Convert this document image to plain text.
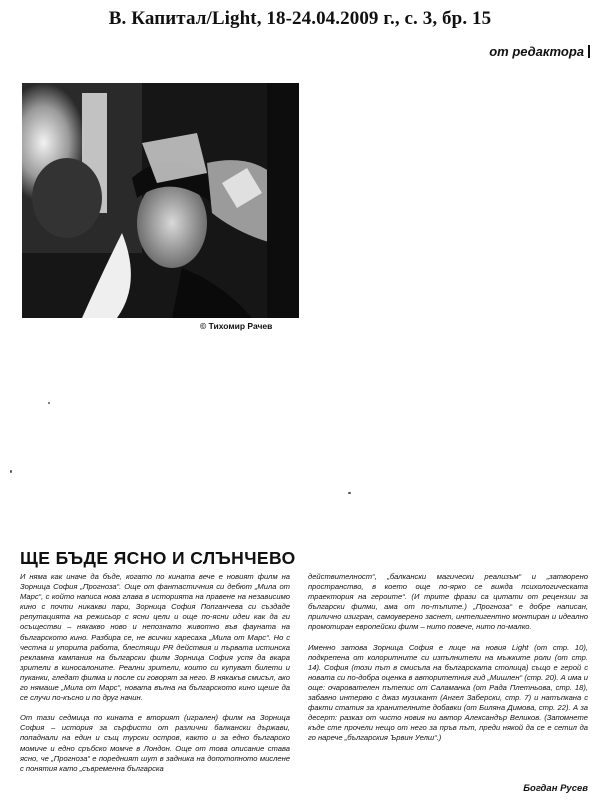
В. Капитал/Light, 18-24.04.2009 г., с. 3, бр. 15
от редактора
© Тихомир Рачев
ЩЕ БЪДЕ ЯСНО И СЛЪНЧЕВО

И няма как иначе да бъде, когато по кината вече е новият филм на Зорница София „Прогноза“. Още от фантастичния си дебют „Мила от Марс“, с който написа нова глава в историята на правене на независимо кино с почти никакви пари, Зорница София Попганчева си създаде репутацията на режисьор с ясни цели и още по-ясни идеи как да ги осъществи – някакво ново и непознато животно във фауната на българското кино. Разбира се, не всички харесаха „Мила от Марс“. Но с честна и упорита работа, блестящи PR действия и първата истинска рекламна кампания на български филм Зорница София успя да вкара зрители в киносалоните. Реални зрители, които си купуват билети и пуканки, гледат филма и после си говорят за него. В някакъв смисъл, ако го нямаше „Мила от Марс“, новата вълна на българското кино щеше да се случи по-късно и по друг начин.

От тази седмица по кината е вторият (игрален) филм на Зорница София – история за сърфисти от различни балкански държави, попаднали на един и същ турски остров, както и за едно българско момиче и едно сръбско момче в Лондон. Още от това описание става ясно, че „Прогноза“ е поредният шут в задника на допотопното мислене с понятия като „съвременна българска

действителност“, „балкански магически реализъм“ и „затворено пространство, в което още по-ярко се вижда психологическата траектория на героите“. (И трите фрази са цитати от рецензии за български филми, ама от по-тъпите.) „Прогноза“ е добре написан, прилично изигран, самоуверено заснет, интелигентно монтиран и идеално промотиран европейски филм – нито повече, нито по-малко.

Именно затова Зорница София е лице на новия Light (от стр. 10), подкрепена от колоритните си изпълнители на мъжките роли (от стр. 14). София (този път в смисъла на българската столица) също е герой с новата си по-добра оценка в авторитетния гид „Мишлен“ (стр. 20). А има и още: очарователен пътепис от Саламанка (от Рада Плетньова, стр. 18), забавно интервю с джаз музикант (Ангел Заберски, стр. 7) и натъпкана с факти статия за хранителните добавки (от Биляна Димова, стр. 22). А за десерт: разказ от чисто новия ни автор Александър Великов. (Запомнете къде сте прочели нещо от него за пръв път, преди някой да се е сетил да го нарече „българския Ървин Уелш“.)

Богдан Русев
